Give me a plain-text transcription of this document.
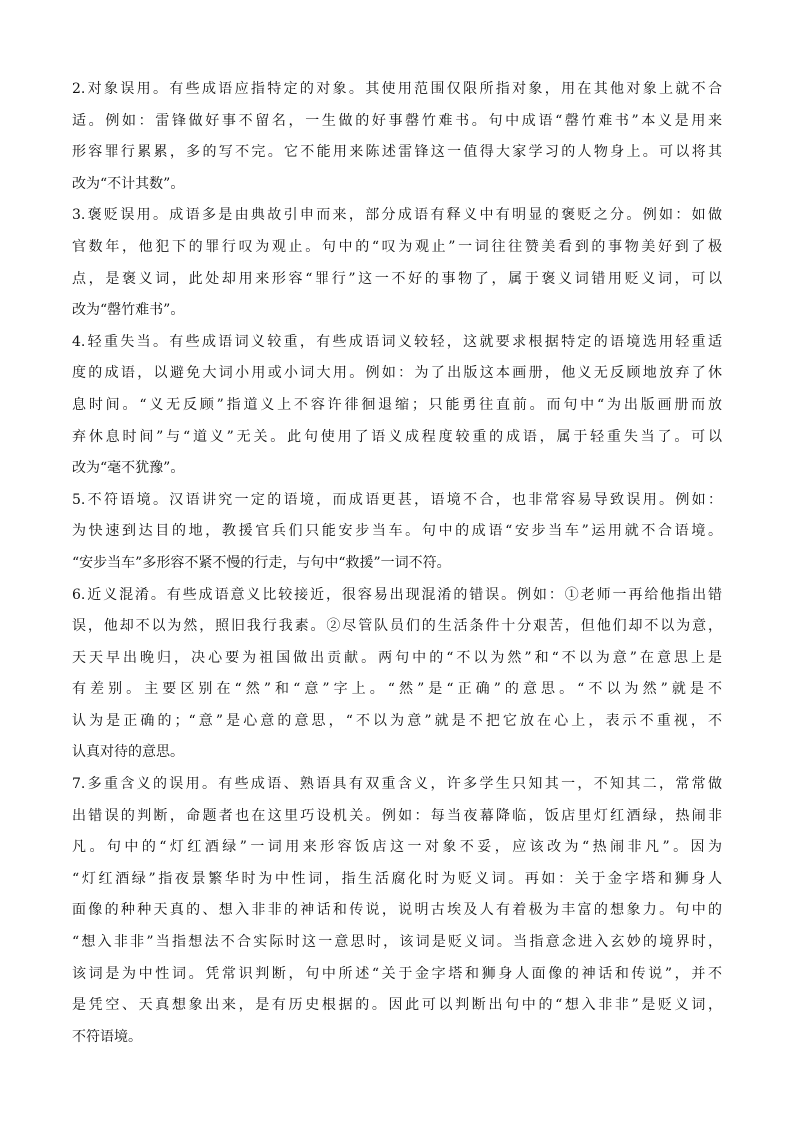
2.对象误用。有些成语应指特定的对象。其使用范围仅限所指对象，用在其他对象上就不合
适。例如：雷锋做好事不留名，一生做的好事罄竹难书。句中成语“罄竹难书”本义是用来
形容罪行累累，多的写不完。它不能用来陈述雷锋这一值得大家学习的人物身上。可以将其
改为“不计其数”。
3.褒贬误用。成语多是由典故引申而来，部分成语有释义中有明显的褒贬之分。例如：如做
官数年，他犯下的罪行叹为观止。句中的“叹为观止”一词往往赞美看到的事物美好到了极
点，是褒义词，此处却用来形容“罪行”这一不好的事物了，属于褒义词错用贬义词，可以
改为“罄竹难书”。
4.轻重失当。有些成语词义较重，有些成语词义较轻，这就要求根据特定的语境选用轻重适
度的成语，以避免大词小用或小词大用。例如：为了出版这本画册，他义无反顾地放弃了休
息时间。“义无反顾”指道义上不容许徘徊退缩；只能勇往直前。而句中“为出版画册而放
弃休息时间”与“道义”无关。此句使用了语义成程度较重的成语，属于轻重失当了。可以
改为“毫不犹豫”。
5.不符语境。汉语讲究一定的语境，而成语更甚，语境不合，也非常容易导致误用。例如：
为快速到达目的地，教援官兵们只能安步当车。句中的成语“安步当车”运用就不合语境。
“安步当车”多形容不紧不慢的行走，与句中“救援”一词不符。
6.近义混淆。有些成语意义比较接近，很容易出现混淆的错误。例如：①老师一再给他指出错
误，他却不以为然，照旧我行我素。②尽管队员们的生活条件十分艰苦，但他们却不以为意，
天天早出晚归，决心要为祖国做出贡献。两句中的“不以为然”和“不以为意”在意思上是
有差别。主要区别在“然”和“意”字上。“然”是“正确”的意思。“不以为然”就是不
认为是正确的；“意”是心意的意思，“不以为意”就是不把它放在心上，表示不重视，不
认真对待的意思。
7.多重含义的误用。有些成语、熟语具有双重含义，许多学生只知其一，不知其二，常常做
出错误的判断，命题者也在这里巧设机关。例如：每当夜幕降临，饭店里灯红酒绿，热闹非
凡。句中的“灯红酒绿”一词用来形容饭店这一对象不妥，应该改为“热闹非凡”。因为
“灯红酒绿”指夜景繁华时为中性词，指生活腐化时为贬义词。再如：关于金字塔和狮身人
面像的种种天真的、想入非非的神话和传说，说明古埃及人有着极为丰富的想象力。句中的
“想入非非”当指想法不合实际时这一意思时，该词是贬义词。当指意念进入玄妙的境界时，
该词是为中性词。凭常识判断，句中所述“关于金字塔和狮身人面像的神话和传说”，并不
是凭空、天真想象出来，是有历史根据的。因此可以判断出句中的“想入非非”是贬义词，
不符语境。
